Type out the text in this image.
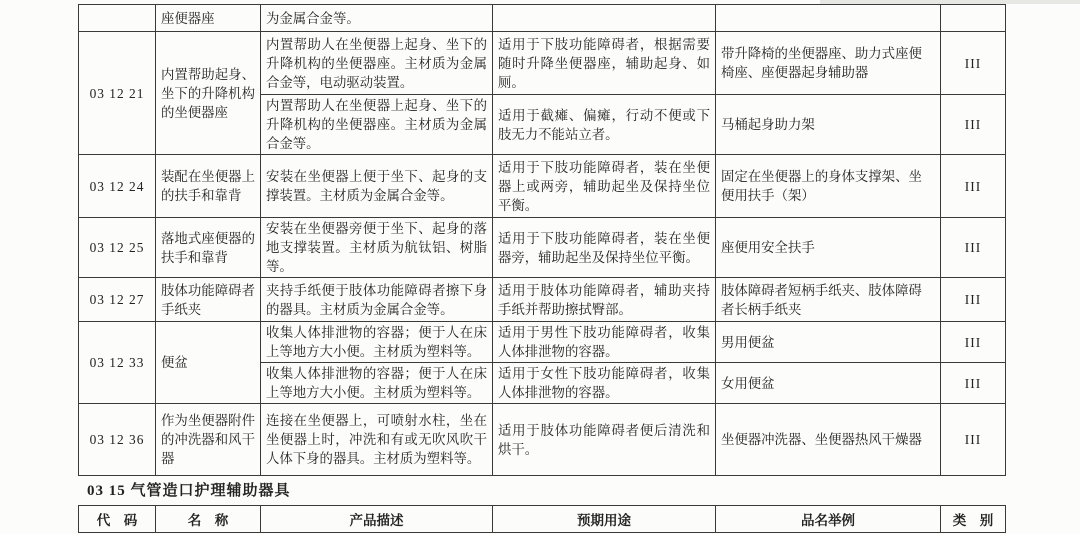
	座便器座	为金属合金等。			
03 12 21	内置帮助起身、坐下的升降机构的坐便器座	内置帮助人在坐便器上起身、坐下的升降机构的坐便器座。主材质为金属合金等，电动驱动装置。	适用于下肢功能障碍者，根据需要随时升降坐便器座，辅助起身、如厕。	带升降椅的坐便器座、助力式座便椅座、座便器起身辅助器	III
		内置帮助人在坐便器上起身、坐下的升降机构的坐便器座。主材质为金属合金等。	适用于截瘫、偏瘫，行动不便或下肢无力不能站立者。	马桶起身助力架	III
03 12 24	装配在坐便器上的扶手和靠背	安装在坐便器上便于坐下、起身的支撑装置。主材质为金属合金等。	适用于下肢功能障碍者，装在坐便器上或两旁，辅助起坐及保持坐位平衡。	固定在坐便器上的身体支撑架、坐便用扶手（架）	III
03 12 25	落地式座便器的扶手和靠背	安装在坐便器旁便于坐下、起身的落地支撑装置。主材质为航钛铝、树脂等。	适用于下肢功能障碍者，装在坐便器旁，辅助起坐及保持坐位平衡。	座便用安全扶手	III
03 12 27	肢体功能障碍者手纸夹	夹持手纸便于肢体功能障碍者擦下身的器具。主材质为金属合金等。	适用于肢体功能障碍者，辅助夹持手纸并帮助擦拭臀部。	肢体障碍者短柄手纸夹、肢体障碍者长柄手纸夹	III
03 12 33	便盆	收集人体排泄物的容器；便于人在床上等地方大小便。主材质为塑料等。	适用于男性下肢功能障碍者，收集人体排泄物的容器。	男用便盆	III
		收集人体排泄物的容器；便于人在床上等地方大小便。主材质为塑料等。	适用于女性下肢功能障碍者，收集人体排泄物的容器。	女用便盆	III
03 12 36	作为坐便器附件的冲洗器和风干器	连接在坐便器上，可喷射水柱，坐在坐便器上时，冲洗和有或无吹风吹干人体下身的器具。主材质为塑料等。	适用于肢体功能障碍者便后清洗和烘干。	坐便器冲洗器、坐便器热风干燥器	III
03 15 气管造口护理辅助器具
代　码	名　称	产品描述	预期用途	品名举例	类　别
